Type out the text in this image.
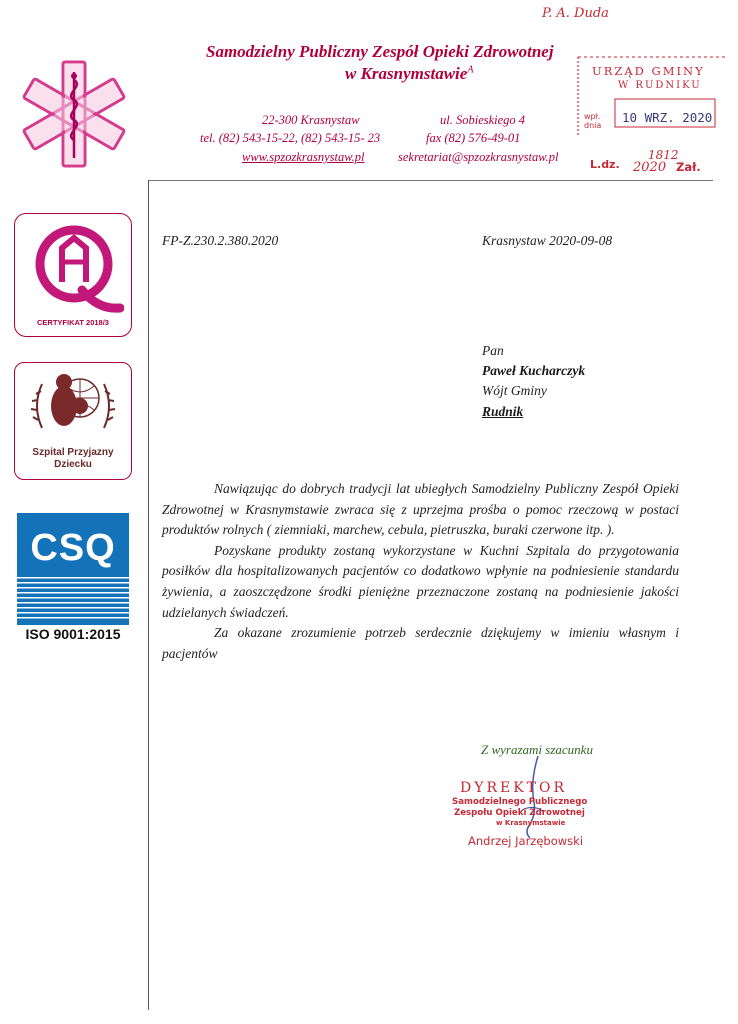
Samodzielny Publiczny Zespół Opieki Zdrowotnej
w Krasnymstawie$^A$
22-300 Krasnystaw	ul. Sobieskiego 4
tel. (82) 543-15-22, (82) 543-15- 23	fax (82) 576-49-01
www.spzozkrasnystaw.pl	sekretariat@spzozkrasnystaw.pl
P. A. Duda
URZĄD GMINY
W RUDNIKU
wpł. dnia
10 WRZ. 2020
L.dz.
1812
2020 Zał.
CERTYFIKAT 2018/3
Szpital Przyjazny
Dziecku
CSQ
ISO 9001:2015
FP-Z.230.2.380.2020	Krasnystaw 2020-09-08
Pan
Paweł Kucharczyk
Wójt Gminy
Rudnik

Nawiązując do dobrych tradycji lat ubiegłych Samodzielny Publiczny Zespół Opieki Zdrowotnej w Krasnymstawie zwraca się z uprzejma prośba o pomoc rzeczową w postaci produktów rolnych ( ziemniaki, marchew, cebula, pietruszka, buraki czerwone itp. ).

Pozyskane produkty zostaną wykorzystane w Kuchni Szpitala do przygotowania posiłków dla hospitalizowanych pacjentów co dodatkowo wpłynie na podniesienie standardu żywienia, a zaoszczędzone środki pieniężne przeznaczone zostaną na podniesienie jakości udzielanych świadczeń.

Za okazane zrozumienie potrzeb serdecznie dziękujemy w imieniu własnym i pacjentów

Z wyrazami szacunku
DYREKTOR
Samodzielnego Publicznego
Zespołu Opieki Zdrowotnej
w Krasnymstawie
Andrzej Jarzębowski
